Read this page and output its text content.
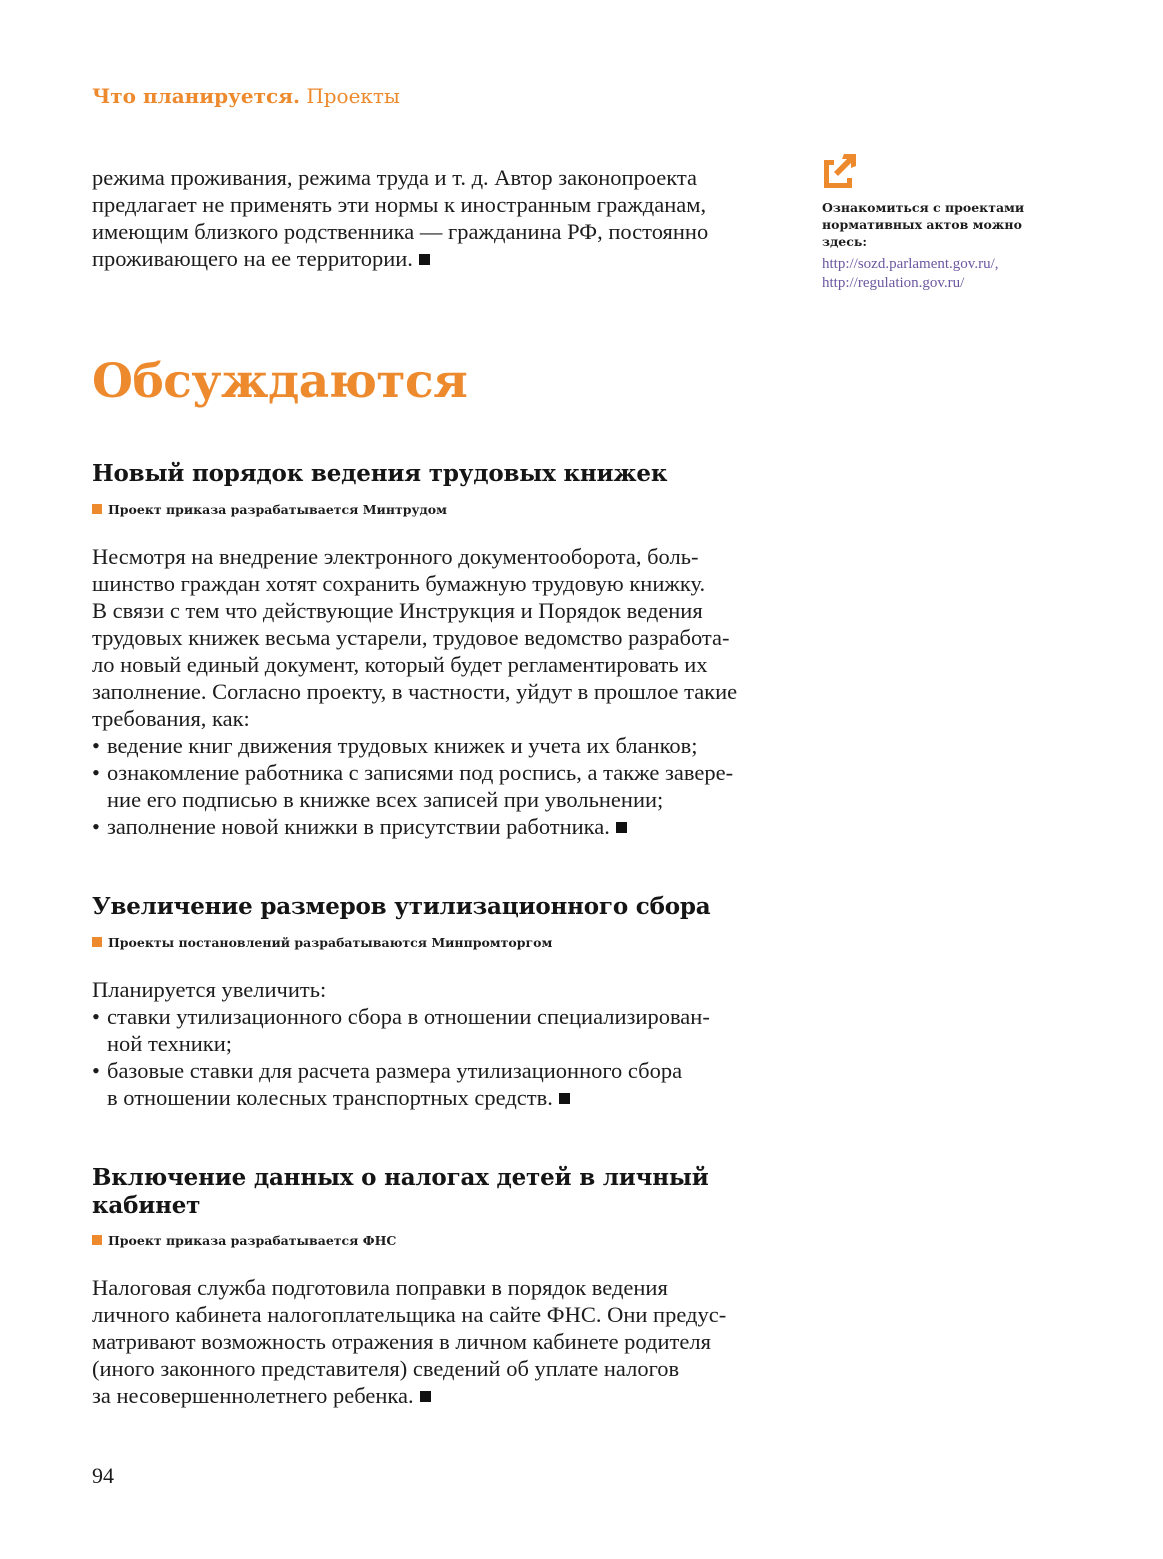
Что планируется. Проекты

режима проживания, режима труда и т. д. Автор законопроекта

предлагает не применять эти нормы к иностранным гражданам,

имеющим близкого родственника — гражданина РФ, постоянно

проживающего на ее территории.

Ознакомиться с проектами нормативных актов можно здесь:
http://sozd.parlament.gov.ru/,
http://regulation.gov.ru/
Обсуждаются
Новый порядок ведения трудовых книжек
Проект приказа разрабатывается Минтрудом

Несмотря на внедрение электронного документооборота, боль-

шинство граждан хотят сохранить бумажную трудовую книжку.

В связи с тем что действующие Инструкция и Порядок ведения

трудовых книжек весьма устарели, трудовое ведомство разработа-

ло новый единый документ, который будет регламентировать их

заполнение. Согласно проекту, в частности, уйдут в прошлое такие

требования, как:

• ведение книг движения трудовых книжек и учета их бланков;
• ознакомление работника с записями под роспись, а также завере-
ние его подписью в книжке всех записей при увольнении;
• заполнение новой книжки в присутствии работника.
Увеличение размеров утилизационного сбора
Проекты постановлений разрабатываются Минпромторгом

Планируется увеличить:

• ставки утилизационного сбора в отношении специализирован-
ной техники;
• базовые ставки для расчета размера утилизационного сбора
в отношении колесных транспортных средств.
Включение данных о налогах детей в личный кабинет
Проект приказа разрабатывается ФНС

Налоговая служба подготовила поправки в порядок ведения

личного кабинета налогоплательщика на сайте ФНС. Они предус-

матривают возможность отражения в личном кабинете родителя

(иного законного представителя) сведений об уплате налогов

за несовершеннолетнего ребенка.

94
